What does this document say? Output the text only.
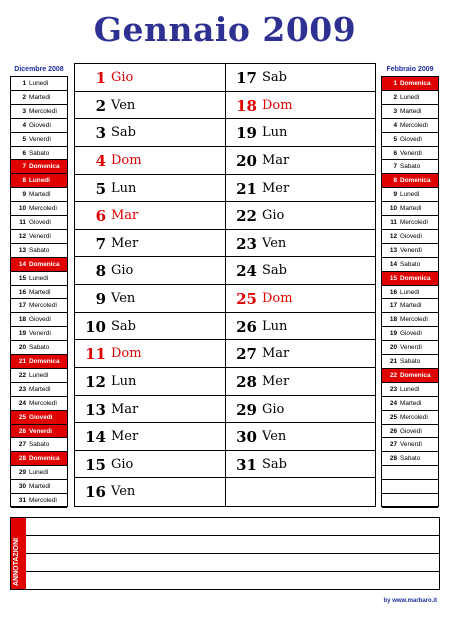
Gennaio 2009
Dicembre 2008
1 Lunedì
2 Martedì
3 Mercoledì
4 Giovedì
5 Venerdì
6 Sabato
7 Domenica
8 Lunedì
9 Martedì
10 Mercoledì
11 Giovedì
12 Venerdì
13 Sabato
14 Domenica
15 Lunedì
16 Martedì
17 Mercoledì
18 Giovedì
19 Venerdì
20 Sabato
21 Domenica
22 Lunedì
23 Martedì
24 Mercoledì
25 Giovedì
26 Venerdì
27 Sabato
28 Domenica
29 Lunedì
30 Martedì
31 Mercoledì
Febbraio 2009
1 Domenica
2 Lunedì
3 Martedì
4 Mercoledì
5 Giovedì
6 Venerdì
7 Sabato
8 Domenica
9 Lunedì
10 Martedì
11 Mercoledì
12 Giovedì
13 Venerdì
14 Sabato
15 Domenica
16 Lunedì
17 Martedì
18 Mercoledì
19 Giovedì
20 Venerdì
21 Sabato
22 Domenica
23 Lunedì
24 Martedì
25 Mercoledì
26 Giovedì
27 Venerdì
28 Sabato
1 Gio
2 Ven
3 Sab
4 Dom
5 Lun
6 Mar
7 Mer
8 Gio
9 Ven
10 Sab
11 Dom
12 Lun
13 Mar
14 Mer
15 Gio
16 Ven
17 Sab
18 Dom
19 Lun
20 Mar
21 Mer
22 Gio
23 Ven
24 Sab
25 Dom
26 Lun
27 Mar
28 Mer
29 Gio
30 Ven
31 Sab
ANNOTAZIONI
by www.marbaro.it
